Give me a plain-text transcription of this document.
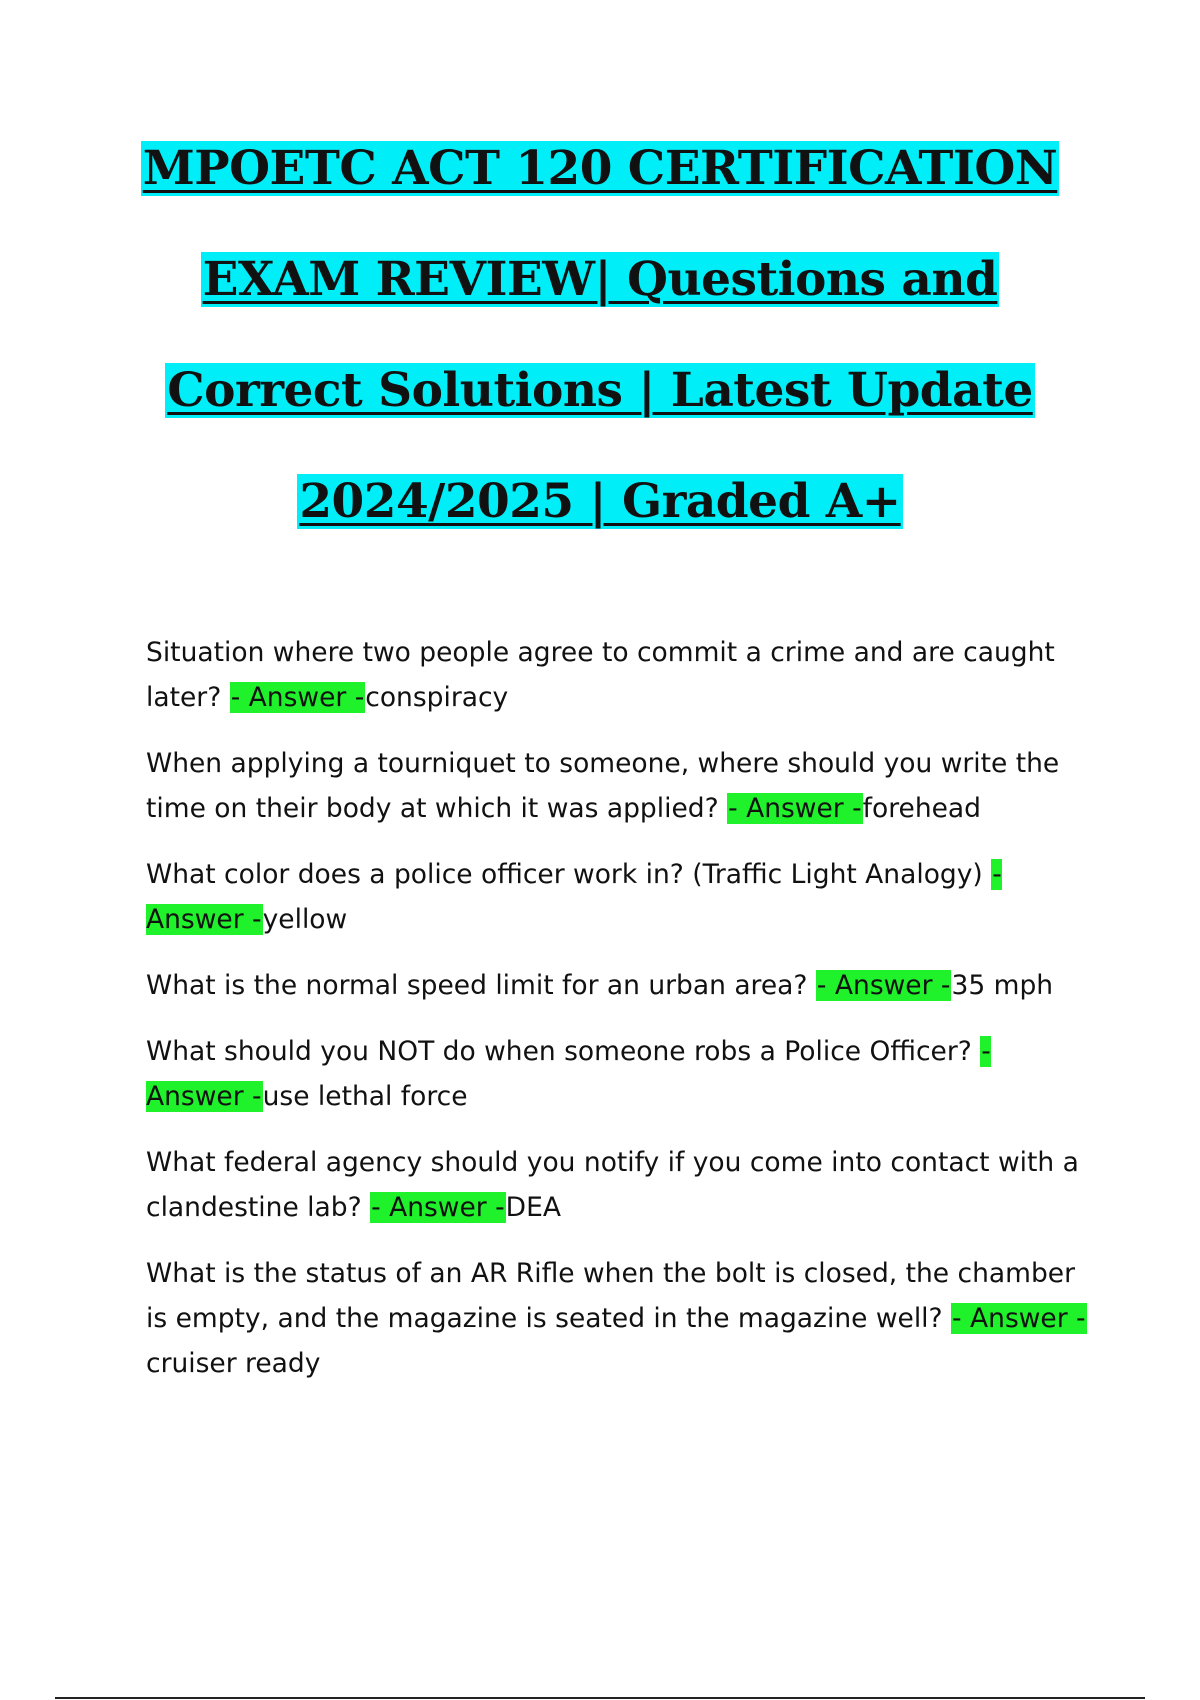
MPOETC ACT 120 CERTIFICATION

EXAM REVIEW| Questions and

Correct Solutions | Latest Update

2024/2025 | Graded A+

Situation where two people agree to commit a crime and are caught later? - Answer -conspiracy

When applying a tourniquet to someone, where should you write the time on their body at which it was applied? - Answer -forehead

What color does a police officer work in? (Traffic Light Analogy) - Answer -yellow

What is the normal speed limit for an urban area? - Answer -35 mph

What should you NOT do when someone robs a Police Officer? - Answer -use lethal force

What federal agency should you notify if you come into contact with a clandestine lab? - Answer -DEA

What is the status of an AR Rifle when the bolt is closed, the chamber is empty, and the magazine is seated in the magazine well? - Answer -cruiser ready
